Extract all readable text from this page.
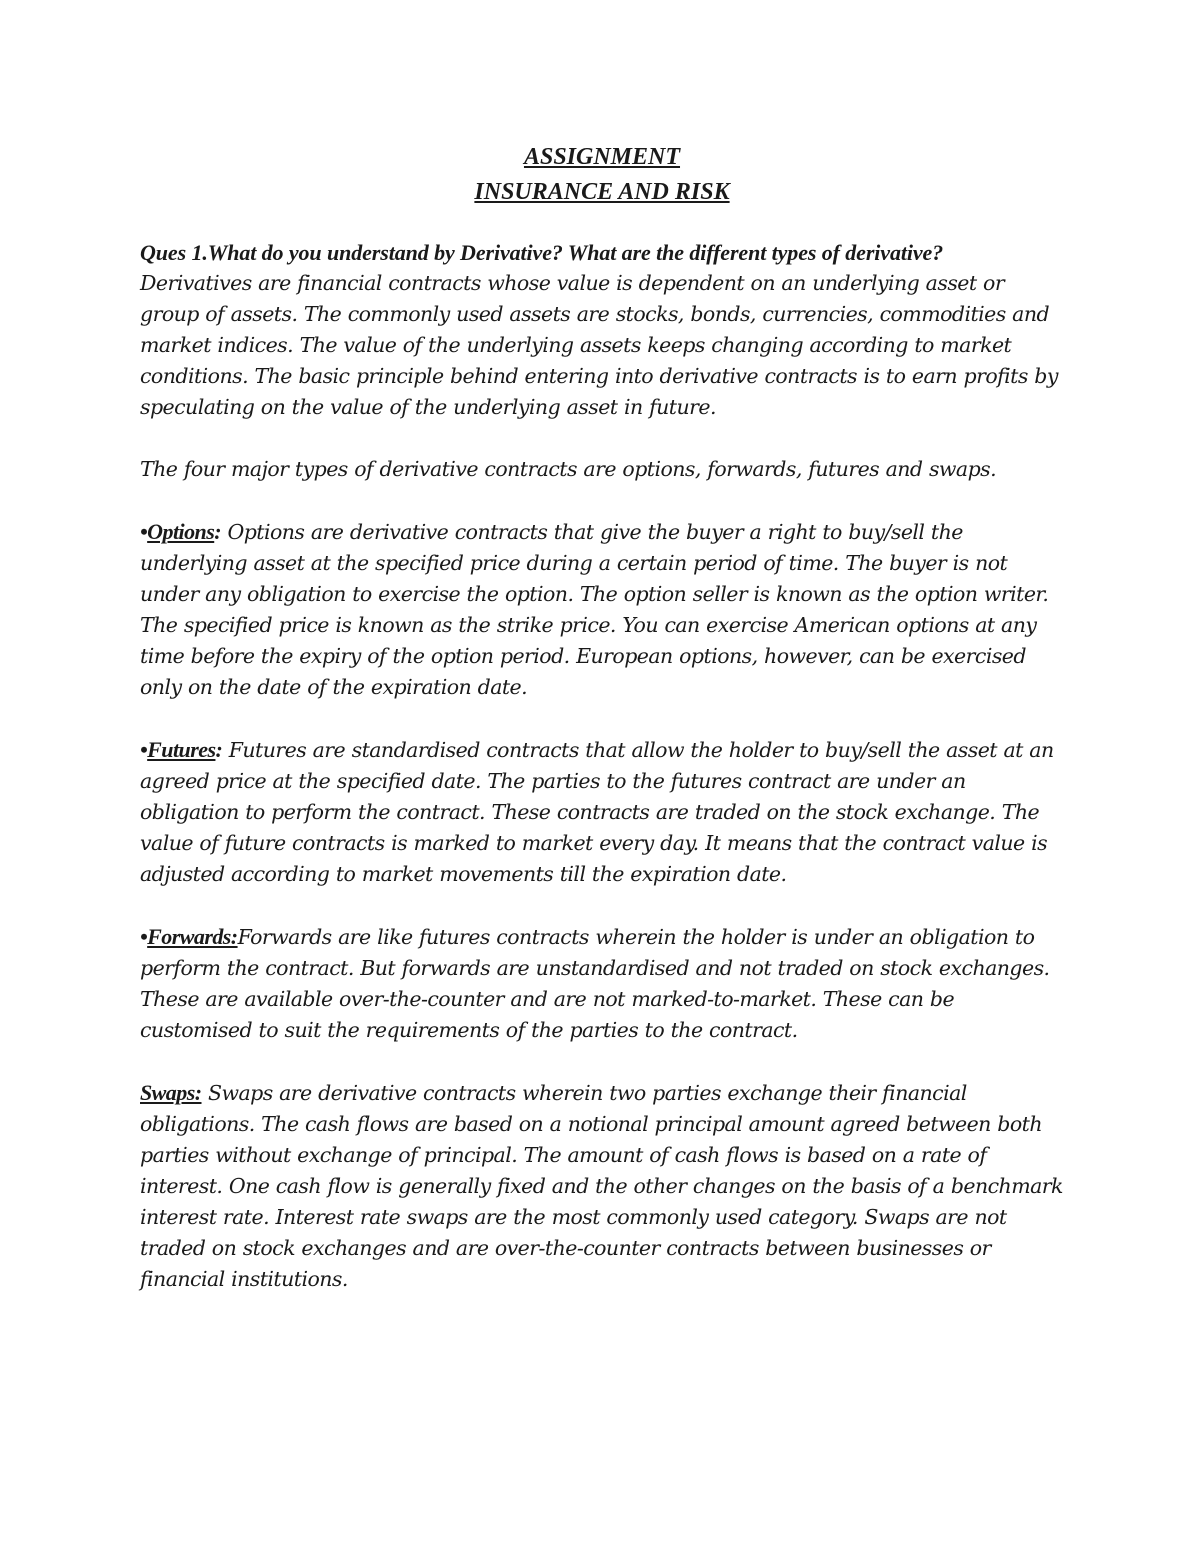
ASSIGNMENT

INSURANCE AND RISK

Ques 1.What do you understand by Derivative? What are the different types of derivative?

Derivatives are financial contracts whose value is dependent on an underlying asset or group of assets. The commonly used assets are stocks, bonds, currencies, commodities and market indices. The value of the underlying assets keeps changing according to market conditions. The basic principle behind entering into derivative contracts is to earn profits by speculating on the value of the underlying asset in future.

The four major types of derivative contracts are options, forwards, futures and swaps.

•Options: Options are derivative contracts that give the buyer a right to buy/sell the underlying asset at the specified price during a certain period of time. The buyer is not under any obligation to exercise the option. The option seller is known as the option writer. The specified price is known as the strike price. You can exercise American options at any time before the expiry of the option period. European options, however, can be exercised only on the date of the expiration date.

•Futures: Futures are standardised contracts that allow the holder to buy/sell the asset at an agreed price at the specified date. The parties to the futures contract are under an obligation to perform the contract. These contracts are traded on the stock exchange. The value of future contracts is marked to market every day. It means that the contract value is adjusted according to market movements till the expiration date.

•Forwards:Forwards are like futures contracts wherein the holder is under an obligation to perform the contract. But forwards are unstandardised and not traded on stock exchanges. These are available over-the-counter and are not marked-to-market. These can be customised to suit the requirements of the parties to the contract.

Swaps: Swaps are derivative contracts wherein two parties exchange their financial obligations. The cash flows are based on a notional principal amount agreed between both parties without exchange of principal. The amount of cash flows is based on a rate of interest. One cash flow is generally fixed and the other changes on the basis of a benchmark interest rate. Interest rate swaps are the most commonly used category. Swaps are not traded on stock exchanges and are over-the-counter contracts between businesses or financial institutions.
